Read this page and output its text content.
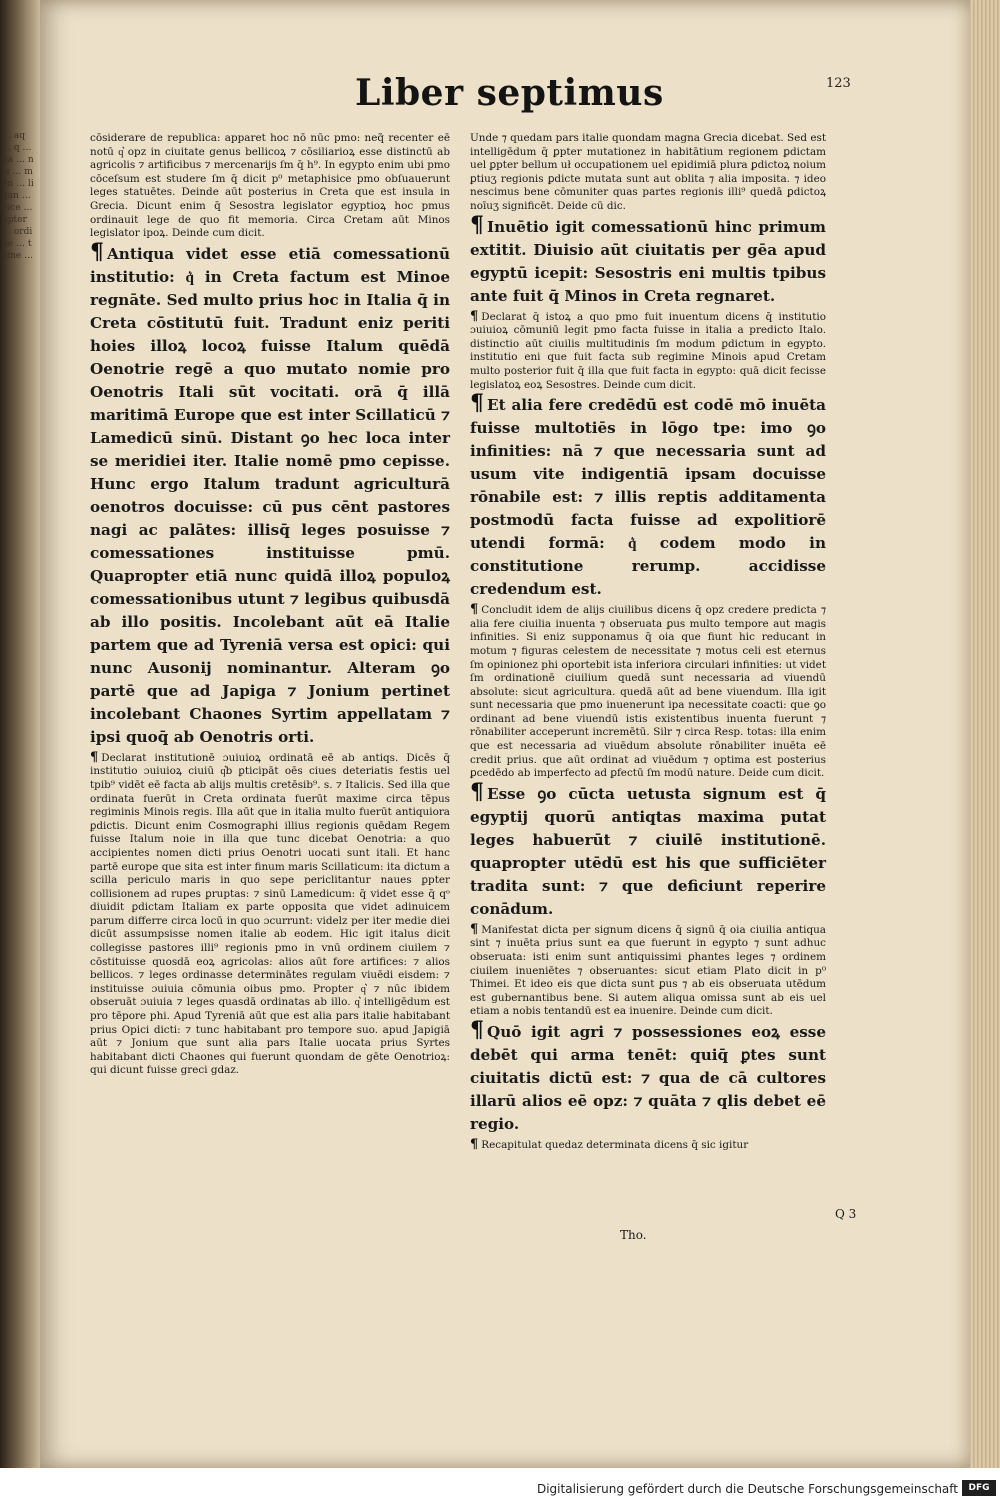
… aq … q … na … nis … mon … ligan … oice … ppter … ordine … tame …
Liber septimus	123

cōsiderare de republica: apparet hoc nō nūc pmo: neq̃ recenter eē notū q͛ opz in ciuitate genus bellicoꝝ ⁊ cōsiliarioꝝ esse distinctū ab agricolis ⁊ artificibus ⁊ mercenarijs ſm q̄ h⁹. In egypto enim ubi pmo cōceſsum est studere ſm q̄ dicit p⁰ metaphisice pmo obſuauerunt leges statuētes. Deinde aūt posterius in Creta que est insula in Grecia. Dicunt enim q̄ Sesostra legislator egyptioꝝ hoc pmus ordinauit lege de quo fit memoria. Circa Cretam aūt Minos legislator ipoꝝ. Deinde cum dicit.

¶ Antiqua videt esse etiā comessationū institutio: q͛ in Creta factum est Minoe regnāte. Sed multo prius hoc in Italia q̄ in Creta cōstitutū fuit. Tradunt eniz periti hoies illoꝝ locoꝝ fuisse Italum quēdā Oenotrie regē a quo mutato nomie pro Oenotris Itali sūt vocitati. orā q̄ illā maritimā Europe que est inter Scillaticū ⁊ Lamedicū sinū. Distant ꝯo hec loca inter se meridiei iter. Italie nomē pmo cepisse. Hunc ergo Italum tradunt agriculturā oenotros docuisse: cū pus cēnt pastores nagi ac palātes: illisq̄ leges posuisse ⁊ comessationes instituisse pmū. Quapropter etiā nunc quidā illoꝝ populoꝝ comessationibus utunt ⁊ legibus quibusdā ab illo positis. Incolebant aūt eā Italie partem que ad Tyreniā versa est opici: qui nunc Ausonij nominantur. Alteram ꝯo partē que ad Japiga ⁊ Jonium pertinet incolebant Chaones Syrtim appellatam ⁊ ipsi quoq̄ ab Oenotris orti.

¶ Declarat institutionē ɔuiuioꝝ ordinatā eē ab antiqs. Dicēs q̄ institutio ɔuiuioꝝ ciuiū q͛b ꝑticipāt oēs ciues deteriatis festis uel tpib⁹ vidēt eē facta ab alijs multis cretēsib⁹. s. ⁊ Italicis. Sed illa que ordinata fuerūt in Creta ordinata fuerūt maxime circa tēpus regiminis Minois regis. Illa aūt que in italia multo fuerūt antiquiora ꝑdictis. Dicunt enim Cosmographi illius regionis quēdam Regem fuisse Italum noie in illa que tunc dicebat Oenotria: a quo accipientes nomen dicti prius Oenotri uocati sunt itali. Et hanc partē europe que sita est inter finum maris Scillaticum: ita dictum a scilla periculo maris in quo sepe periclitantur naues ꝑpter collisionem ad rupes ꝑruptas: ⁊ sinū Lamedicum: q̄ videt esse q̄ qᵒ diuidit ꝑdictam Italiam ex parte opposita que videt adinuicem parum differre circa locū in quo ɔcurrunt: videlz per iter medie diei dicūt assumpsisse nomen italie ab eodem. Hic igit italus dicit collegisse pastores illi⁹ regionis pmo in vnū ordinem ciuilem ⁊ cōstituisse quosdā eoꝝ agricolas: alios aūt fore artifices: ⁊ alios bellicos. ⁊ leges ordinasse determinātes regulam viuēdi eisdem: ⁊ instituisse ɔuiuia cōmunia oibus pmo. Propter q͛ ⁊ nūc ibidem obseruāt ɔuiuia ⁊ leges quasdā ordinatas ab illo. q͛ intelligēdum est pro tēpore phi. Apud Tyreniā aūt que est alia pars italie habitabant prius Opici dicti: ⁊ tunc habitabant pro tempore suo. apud Japigiā aūt ⁊ Jonium que sunt alia pars Italie uocata prius Syrtes habitabant dicti Chaones qui fuerunt quondam de gēte Oenotrioꝝ: qui dicunt fuisse greci gdaz.

Unde ⁊ quedam pars italie quondam magna Grecia dicebat. Sed est intelligēdum q̄ ꝑpter mutationez in habitātium regionem ꝑdictam uel ꝑpter bellum uł occupationem uel epidimiā plura ꝑdictoꝝ noium ꝑtiuʒ regionis ꝑdicte mutata sunt aut oblita ⁊ alia imposita. ⁊ ideo nescimus bene cōmuniter quas partes regionis illi⁹ quedā ꝑdictoꝝ noīuʒ significēt. Deide cū dic.

¶ Inuētio igit comessationū hinc primum extitit. Diuisio aūt ciuitatis per gēa apud egyptū icepit: Sesostris eni multis tpibus ante fuit q̄ Minos in Creta regnaret.

¶ Declarat q̄ istoꝝ a quo pmo fuit inuentum dicens q̄ institutio ɔuiuioꝝ cōmuniū legit pmo facta fuisse in italia a predicto Italo. distinctio aūt ciuilis multitudinis ſm modum ꝑdictum in egypto. institutio eni que fuit facta sub regimine Minois apud Cretam multo posterior fuit q̄ illa que fuit facta in egypto: quā dicit fecisse legislatoꝝ eoꝝ Sesostres. Deinde cum dicit.

¶ Et alia fere credēdū est codē mō inuēta fuisse multotiēs in lōgo tpe: imo ꝯo infinities: nā ⁊ que necessaria sunt ad usum vite indigentiā ipsam docuisse rōnabile est: ⁊ illis reptis additamenta postmodū facta fuisse ad expolitiorē utendi formā: q͛ codem modo in constitutione rerump. accidisse credendum est.

¶ Concludit idem de alijs ciuilibus dicens q̄ opz credere predicta ⁊ alia fere ciuilia inuenta ⁊ obseruata ꝑus multo tempore aut magis infinities. Si eniz supponamus q̄ oia que fiunt hic reducant in motum ⁊ figuras celestem de necessitate ⁊ motus celi est eternus ſm opinionez phi oportebit ista inferiora circulari infinities: ut videt ſm ordinationē ciuilium quedā sunt necessaria ad viuendū absolute: sicut agricultura. quedā aūt ad bene viuendum. Illa igit sunt necessaria que pmo inuenerunt ipa necessitate coacti: que ꝯo ordinant ad bene viuendū istis existentibus inuenta fuerunt ⁊ rōnabiliter acceperunt incremētū. Silr ⁊ circa Resp. totas: illa enim que est necessaria ad viuēdum absolute rōnabiliter inuēta eē credit prius. que aūt ordinat ad viuēdum ⁊ optima est posterius ꝑcedēdo ab imperfecto ad ꝑfectū ſm modū nature. Deide cum dicit.

¶ Esse ꝯo cūcta uetusta signum est q̄ egyptij quorū antiqtas maxima putat leges habuerūt ⁊ ciuilē institutionē. quapropter utēdū est his que sufficiēter tradita sunt: ⁊ que deficiunt reperire conādum.

¶ Manifestat dicta per signum dicens q̄ signū q̄ oia ciuilia antiqua sint ⁊ inuēta prius sunt ea que fuerunt in egypto ⁊ sunt adhuc obseruata: isti enim sunt antiquissimi ꝑhantes leges ⁊ ordinem ciuilem inueniētes ⁊ obseruantes: sicut etiam Plato dicit in p⁰ Thimei. Et ideo eis que dicta sunt ꝑus ⁊ ab eis obseruata utēdum est gubernantibus bene. Si autem aliqua omissa sunt ab eis uel etiam a nobis tentandū est ea inuenire. Deinde cum dicit.

¶ Quō igit agri ⁊ possessiones eoꝝ esse debēt qui arma tenēt: quiq̄ ꝑtes sunt ciuitatis dictū est: ⁊ qua de cā cultores illarū alios eē opz: ⁊ quāta ⁊ qlis debet eē regio.

¶ Recapitulat quedaz determinata dicens q̄ sic igitur

Q 3
Tho.
Digitalisierung gefördert durch die Deutsche Forschungsgemeinschaft	DFG
